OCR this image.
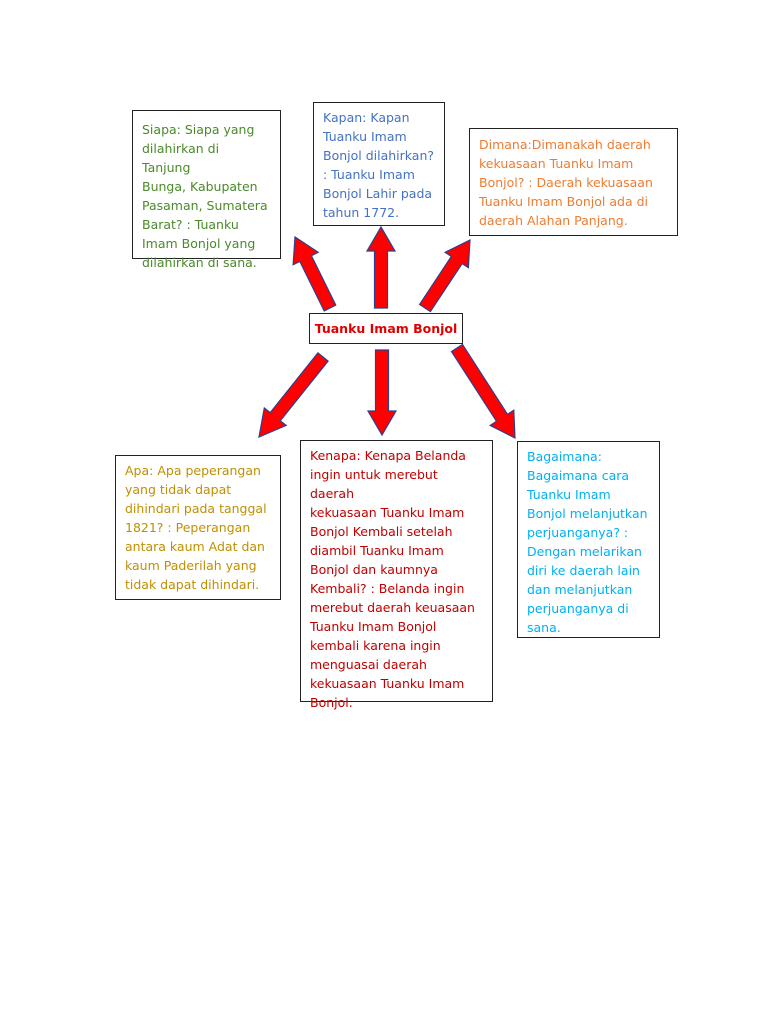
Siapa: Siapa yang
dilahirkan di Tanjung
Bunga, Kabupaten
Pasaman, Sumatera
Barat? : Tuanku
Imam Bonjol yang
dilahirkan di sana.
Kapan: Kapan
Tuanku Imam
Bonjol dilahirkan?
: Tuanku Imam
Bonjol Lahir pada
tahun 1772.
Dimana:Dimanakah daerah
kekuasaan Tuanku Imam
Bonjol? : Daerah kekuasaan
Tuanku Imam Bonjol ada di
daerah Alahan Panjang.
Tuanku Imam Bonjol
Apa: Apa peperangan
yang tidak dapat
dihindari pada tanggal
1821? : Peperangan
antara kaum Adat dan
kaum Paderilah yang
tidak dapat dihindari.
Kenapa: Kenapa Belanda
ingin untuk merebut daerah
kekuasaan Tuanku Imam
Bonjol Kembali setelah
diambil Tuanku Imam
Bonjol dan kaumnya
Kembali? : Belanda ingin
merebut daerah keuasaan
Tuanku Imam Bonjol
kembali karena ingin
menguasai daerah
kekuasaan Tuanku Imam
Bonjol.
Bagaimana:
Bagaimana cara
Tuanku Imam
Bonjol melanjutkan
perjuanganya? :
Dengan melarikan
diri ke daerah lain
dan melanjutkan
perjuanganya di
sana.
